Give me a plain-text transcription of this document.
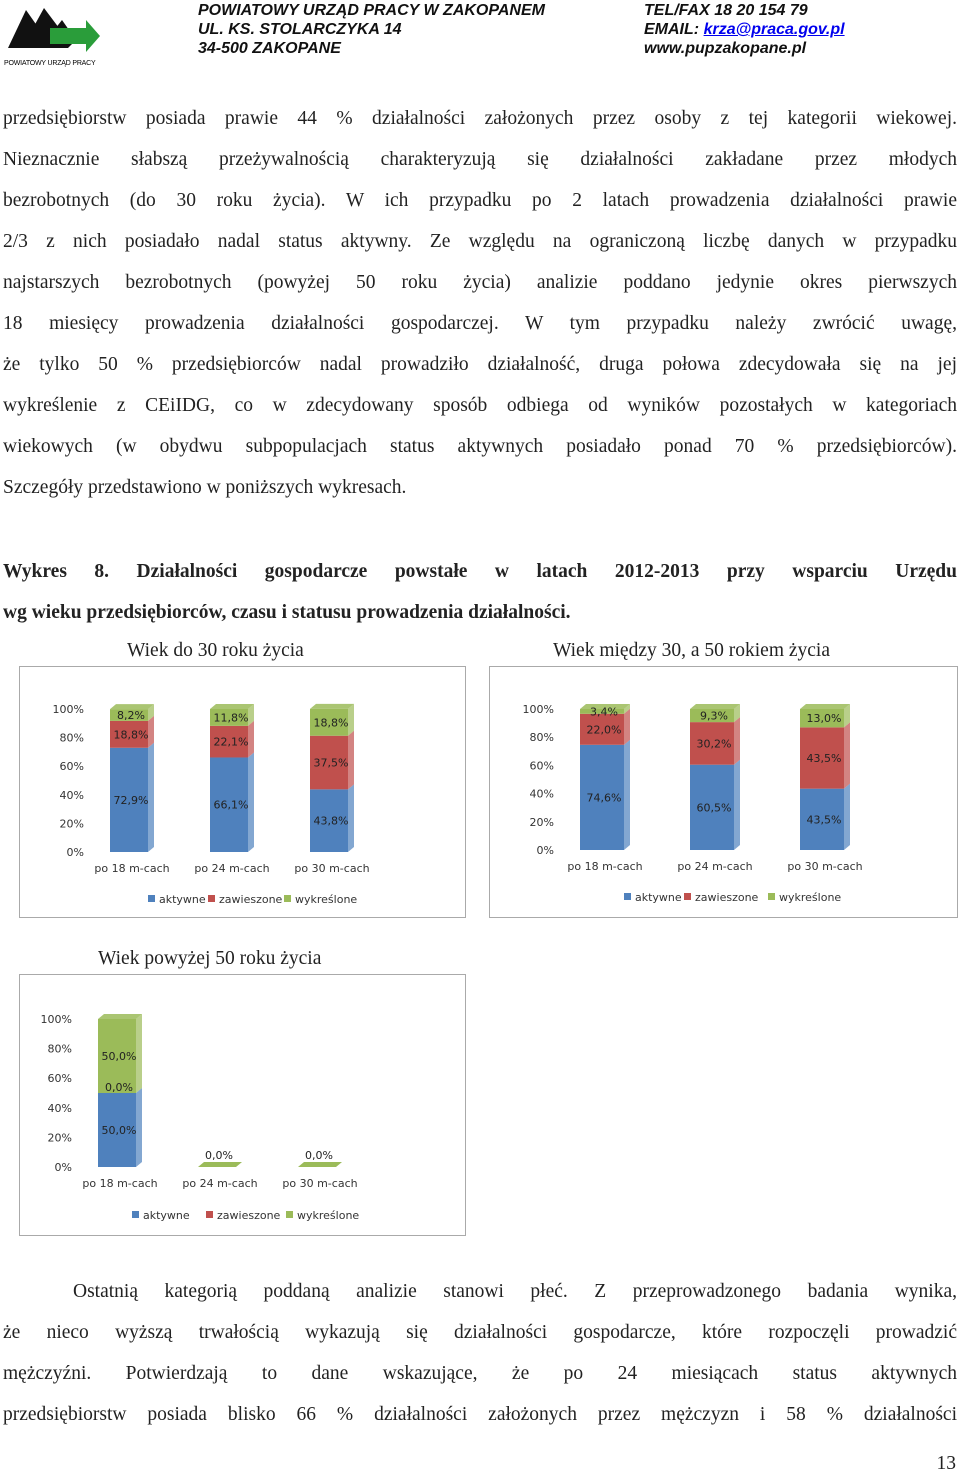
POWIATOWY URZĄD PRACY
POWIATOWY URZĄD PRACY W ZAKOPANEM
UL. KS. STOLARCZYKA 14
34-500 ZAKOPANE
TEL/FAX 18 20 154 79
EMAIL: krza@praca.gov.pl
www.pupzakopane.pl
przedsiębiorstw posiada prawie 44 % działalności założonych przez osoby z tej kategorii wiekowej.
Nieznacznie słabszą przeżywalnością charakteryzują się działalności zakładane przez młodych
bezrobotnych (do 30 roku życia). W ich przypadku po 2 latach prowadzenia działalności prawie
2/3 z nich posiadało nadal status aktywny. Ze względu na ograniczoną liczbę danych w przypadku
najstarszych bezrobotnych (powyżej 50 roku życia) analizie poddano jedynie okres pierwszych
18 miesięcy prowadzenia działalności gospodarczej. W tym przypadku należy zwrócić uwagę,
że tylko 50 % przedsiębiorców nadal prowadziło działalność, druga połowa zdecydowała się na jej
wykreślenie z CEiIDG, co w zdecydowany sposób odbiega od wyników pozostałych w kategoriach
wiekowych (w obydwu subpopulacjach status aktywnych posiadało ponad 70 % przedsiębiorców).
Szczegóły przedstawiono w poniższych wykresach.
Wykres 8. Działalności gospodarcze powstałe w latach 2012-2013 przy wsparciu Urzędu
wg wieku przedsiębiorców, czasu i statusu prowadzenia działalności.
Wiek do 30 roku życia	Wiek między 30, a 50 rokiem życia
Wiek powyżej 50 roku życia
0%
20%
40%
60%
80%
100%
72,9%
18,8%
8,2%
po 18 m-cach
66,1%
22,1%
11,8%
po 24 m-cach
43,8%
37,5%
18,8%
po 30 m-cach
aktywne zawieszone wykreślone
0%
20%
40%
60%
80%
100%
74,6%
22,0%
3,4%
po 18 m-cach
60,5%
30,2%
9,3%
po 24 m-cach
43,5%
43,5%
13,0%
po 30 m-cach
aktywne zawieszone wykreślone
0%
20%
40%
60%
80%
100%
50,0%
0,0%
50,0%
po 18 m-cach
0,0%
po 24 m-cach
0,0%
po 30 m-cach
aktywne zawieszone wykreślone
Ostatnią kategorią poddaną analizie stanowi płeć. Z przeprowadzonego badania wynika,
że nieco wyższą trwałością wykazują się działalności gospodarcze, które rozpoczęli prowadzić
mężczyźni. Potwierdzają to dane wskazujące, że po 24 miesiącach status aktywnych
przedsiębiorstw posiada blisko 66 % działalności założonych przez mężczyzn i 58 % działalności
13
